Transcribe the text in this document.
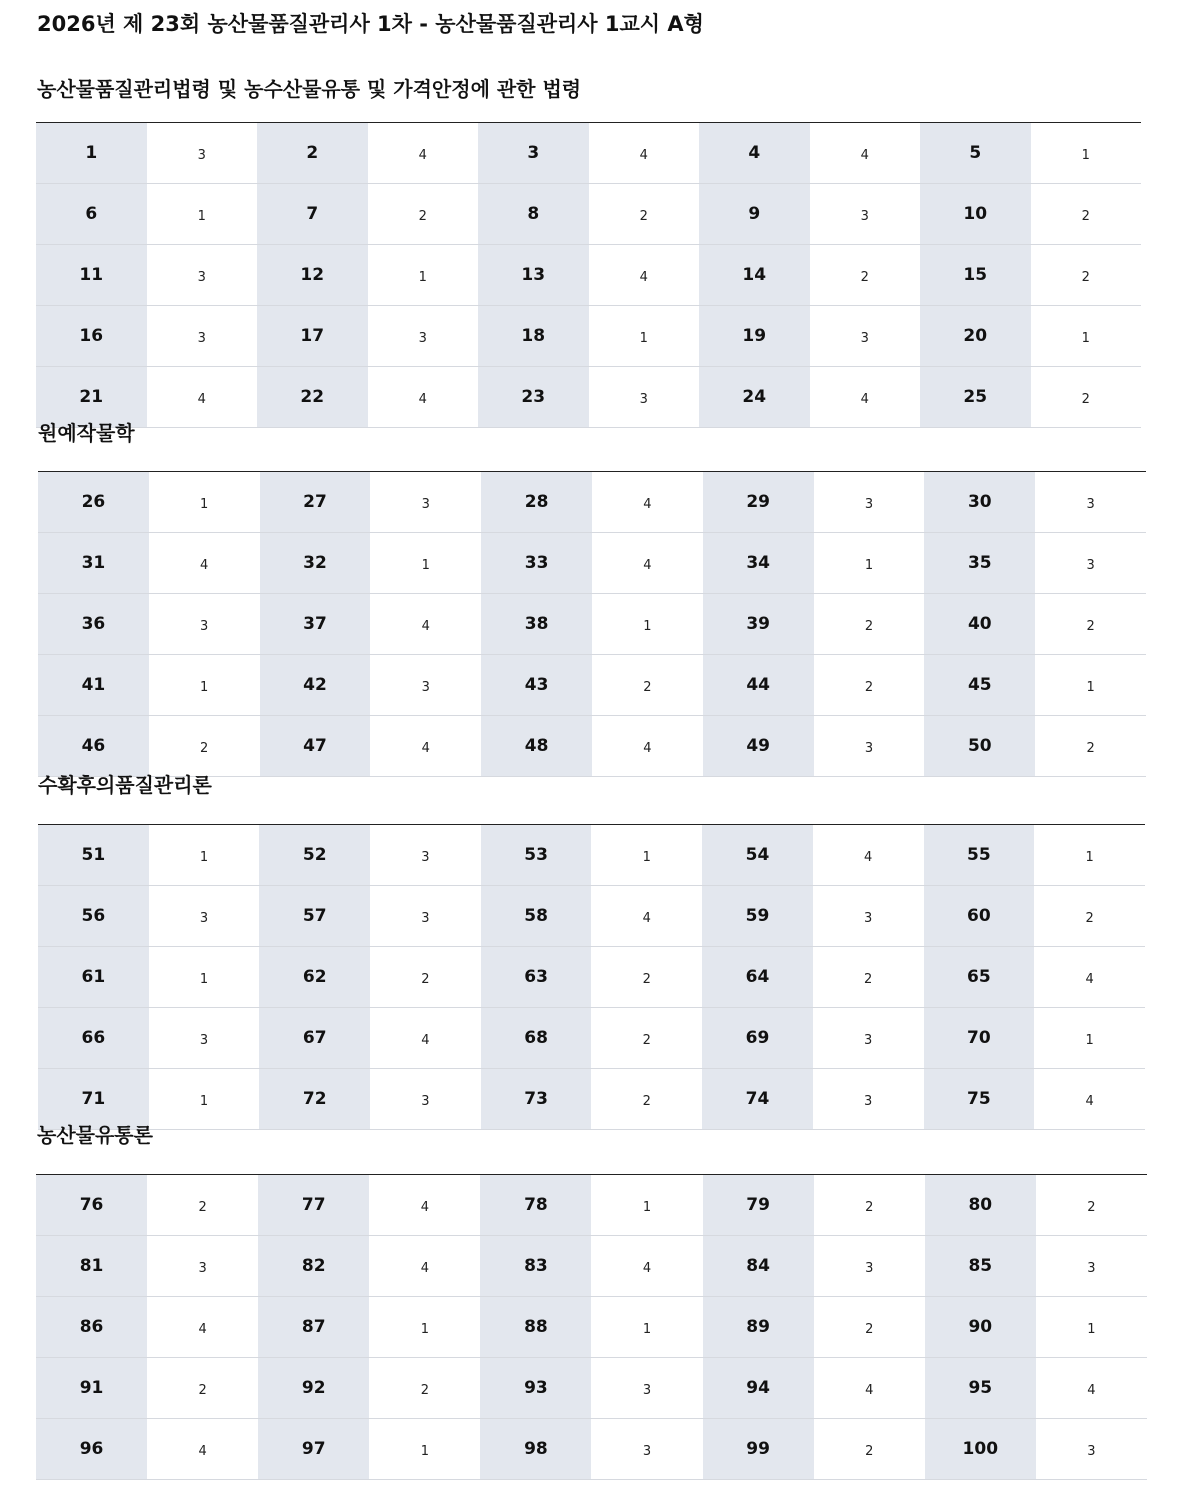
2026년 제 23회 농산물품질관리사 1차 - 농산물품질관리사 1교시 A형
농산물품질관리법령 및 농수산물유통 및 가격안정에 관한 법령
1	3	2	4	3	4	4	4	5	1
6	1	7	2	8	2	9	3	10	2
11	3	12	1	13	4	14	2	15	2
16	3	17	3	18	1	19	3	20	1
21	4	22	4	23	3	24	4	25	2
원예작물학
26	1	27	3	28	4	29	3	30	3
31	4	32	1	33	4	34	1	35	3
36	3	37	4	38	1	39	2	40	2
41	1	42	3	43	2	44	2	45	1
46	2	47	4	48	4	49	3	50	2
수확후의품질관리론
51	1	52	3	53	1	54	4	55	1
56	3	57	3	58	4	59	3	60	2
61	1	62	2	63	2	64	2	65	4
66	3	67	4	68	2	69	3	70	1
71	1	72	3	73	2	74	3	75	4
농산물유통론
76	2	77	4	78	1	79	2	80	2
81	3	82	4	83	4	84	3	85	3
86	4	87	1	88	1	89	2	90	1
91	2	92	2	93	3	94	4	95	4
96	4	97	1	98	3	99	2	100	3
